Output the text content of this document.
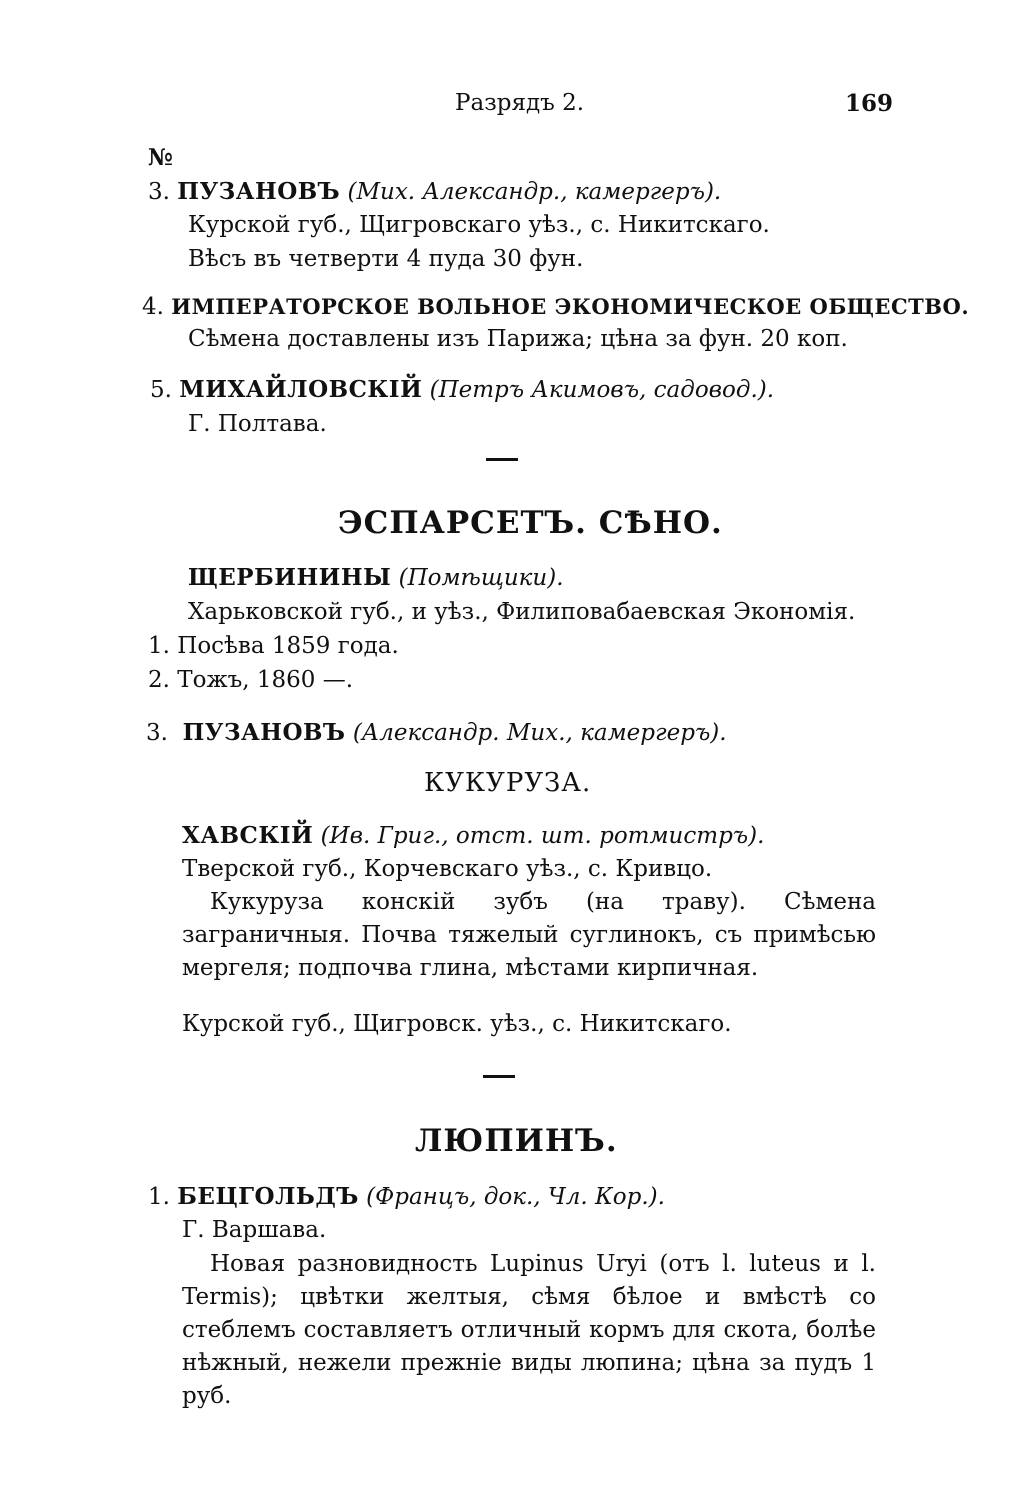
Разрядъ 2.	169
№
3. ПУЗАНОВЪ (Мих. Александр., камергеръ).
Курской губ., Щигровскаго уѣз., с. Никитскаго.
Вѣсъ въ четверти 4 пуда 30 фун.
4. ИМПЕРАТОРСКОЕ ВОЛЬНОЕ ЭКОНОМИЧЕСКОЕ ОБЩЕСТВО.
Сѣмена доставлены изъ Парижа; цѣна за фун. 20 коп.
5. МИХАЙЛОВСКІЙ (Петръ Акимовъ, садовод.).
Г. Полтава.
ЭСПАРСЕТЪ. СѢНО.
ЩЕРБИНИНЫ (Помѣщики).
Харьковской губ., и уѣз., Филиповабаевская Экономія.
1. Посѣва 1859 года.
2. Тожъ, 1860 —.
3. ПУЗАНОВЪ (Александр. Мих., камергеръ).
КУКУРУЗА.
ХАВСКІЙ (Ив. Григ., отст. шт. ротмистръ).
Тверской губ., Корчевскаго уѣз., с. Кривцо.
Кукуруза конскій зубъ (на траву). Сѣмена заграничныя. Почва тяжелый суглинокъ, съ примѣсью мергеля; подпочва глина, мѣстами кирпичная.
Курской губ., Щигровск. уѣз., с. Никитскаго.
ЛЮПИНЪ.
1. БЕЦГОЛЬДЪ (Францъ, док., Чл. Кор.).
Г. Варшава.
Новая разновидность Lupinus Uryi (отъ l. luteus и l. Termis); цвѣтки желтыя, сѣмя бѣлое и вмѣстѣ со стеблемъ составляетъ отличный кормъ для скота, болѣе нѣжный, нежели прежніе виды люпина; цѣна за пудъ 1 руб.
